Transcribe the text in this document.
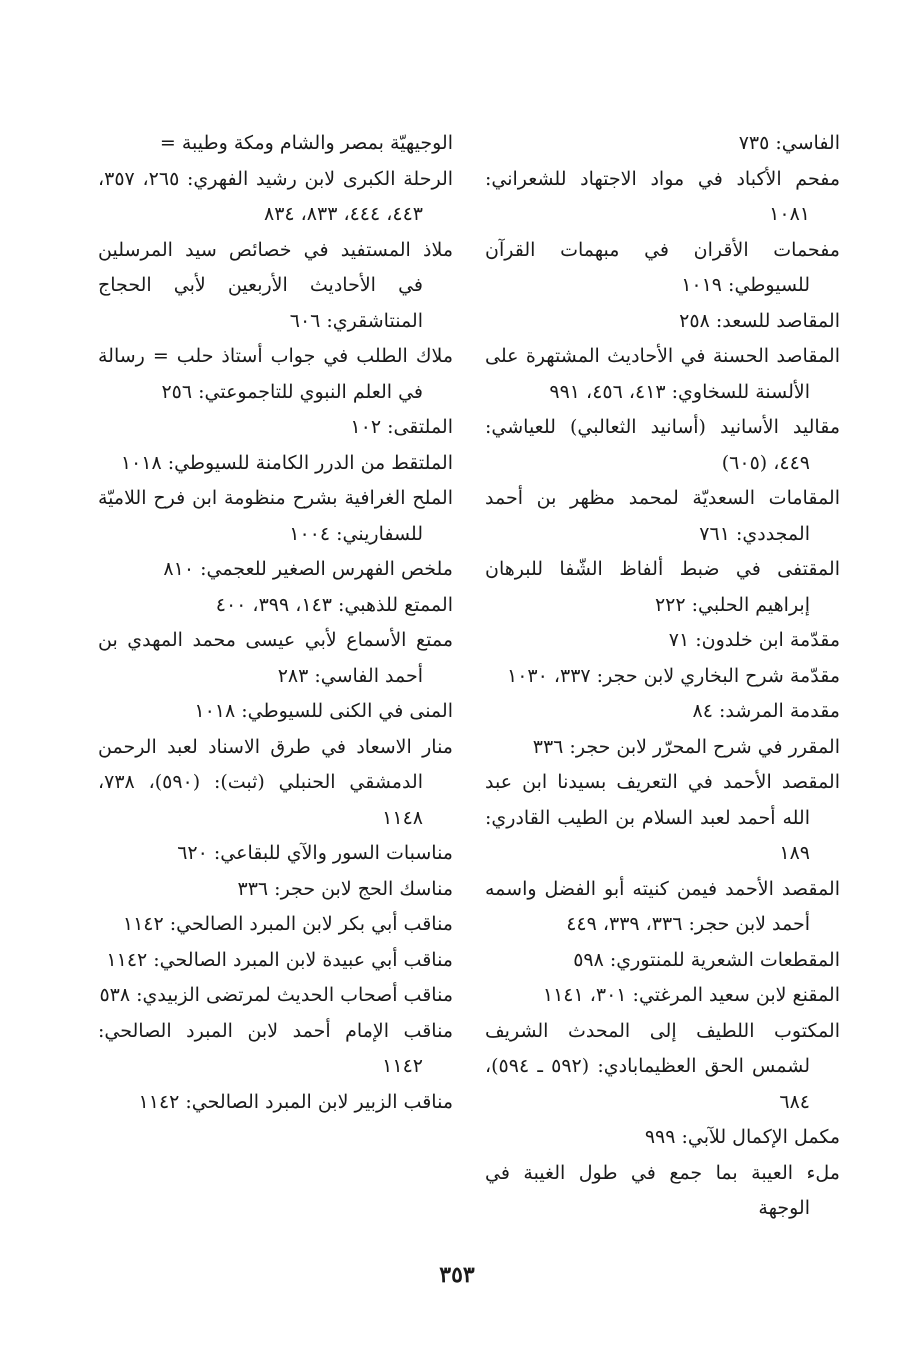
الفاسي: ٧٣٥
مفحم الأكباد في مواد الاجتهاد للشعراني: ١٠٨١
مفحمات الأقران في مبهمات القرآن للسيوطي: ١٠١٩
المقاصد للسعد: ٢٥٨
المقاصد الحسنة في الأحاديث المشتهرة على الألسنة للسخاوي: ٤١٣، ٤٥٦، ٩٩١
مقاليد الأسانيد (أسانيد الثعالبي) للعياشي: ٤٤٩، (٦٠٥)
المقامات السعديّة لمحمد مظهر بن أحمد المجددي: ٧٦١
المقتفى في ضبط ألفاظ الشّفا للبرهان إبراهيم الحلبي: ٢٢٢
مقدّمة ابن خلدون: ٧١
مقدّمة شرح البخاري لابن حجر: ٣٣٧، ١٠٣٠
مقدمة المرشد: ٨٤
المقرر في شرح المحرّر لابن حجر: ٣٣٦
المقصد الأحمد في التعريف بسيدنا ابن عبد الله أحمد لعبد السلام بن الطيب القادري: ١٨٩
المقصد الأحمد فيمن كنيته أبو الفضل واسمه أحمد لابن حجر: ٣٣٦، ٣٣٩، ٤٤٩
المقطعات الشعرية للمنتوري: ٥٩٨
المقنع لابن سعيد المرغتي: ٣٠١، ١١٤١
المكتوب اللطيف إلى المحدث الشريف لشمس الحق العظيمابادي: (٥٩٢ ـ ٥٩٤)، ٦٨٤
مكمل الإكمال للآبي: ٩٩٩
ملء العيبة بما جمع في طول الغيبة في الوجهة
الوجيهيّة بمصر والشام ومكة وطيبة =
الرحلة الكبرى لابن رشيد الفهري: ٢٦٥، ٣٥٧، ٤٤٣، ٤٤٤، ٨٣٣، ٨٣٤
ملاذ المستفيد في خصائص سيد المرسلين في الأحاديث الأربعين لأبي الحجاج المنتاشقري: ٦٠٦
ملاك الطلب في جواب أستاذ حلب = رسالة في العلم النبوي للتاجموعتي: ٢٥٦
الملتقى: ١٠٢
الملتقط من الدرر الكامنة للسيوطي: ١٠١٨
الملح الغرافية بشرح منظومة ابن فرح اللاميّة للسفاريني: ١٠٠٤
ملخص الفهرس الصغير للعجمي: ٨١٠
الممتع للذهبي: ١٤٣، ٣٩٩، ٤٠٠
ممتع الأسماع لأبي عيسى محمد المهدي بن أحمد الفاسي: ٢٨٣
المنى في الكنى للسيوطي: ١٠١٨
منار الاسعاد في طرق الاسناد لعبد الرحمن الدمشقي الحنبلي (ثبت): (٥٩٠)، ٧٣٨، ١١٤٨
مناسبات السور والآي للبقاعي: ٦٢٠
مناسك الحج لابن حجر: ٣٣٦
مناقب أبي بكر لابن المبرد الصالحي: ١١٤٢
مناقب أبي عبيدة لابن المبرد الصالحي: ١١٤٢
مناقب أصحاب الحديث لمرتضى الزبيدي: ٥٣٨
مناقب الإمام أحمد لابن المبرد الصالحي: ١١٤٢
مناقب الزبير لابن المبرد الصالحي: ١١٤٢
٣٥٣
